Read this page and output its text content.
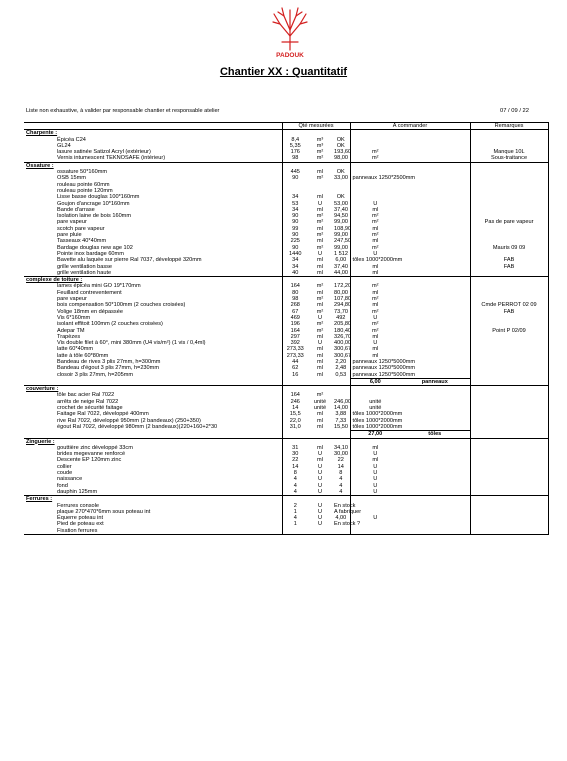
PADOUK
Chantier XX : Quantitatif
Liste non exhaustive, à valider par responsable chantier et responsable atelier	07 / 09 / 22
	Qté mesurées			A commander		Remarques
Charpente :						
Épicéa C24	8,4	m³	OK			
GL24	5,35	m³	OK			
lasure satinée Satizol Acryl (extérieur)	176	m²	193,60	m²		Manque 10L
Vernis intumescent TEKNOSAFE (intérieur)	98	m²	98,00	m²		Sous-traitance
Ossature :						
ossature 50*160mm	445	ml	OK			
OSB 15mm	90	m²	33,00	panneaux 1250*2500mm		
rouleau pointe 60mm						
rouleau pointe 120mm						
Lisse basse douglas 100*160mm	34	ml	OK			
Goujon d'ancrage 10*160mm	53	U	53,00	U		
Bande d'arrase	34	ml	37,40	ml		
Isolation laine de bois 160mm	90	m²	94,50	m²		
pare vapeur	90	m²	99,00	m²		Pas de pare vapeur
scotch pare vapeur	99	ml	108,90	ml		
pare pluie	90	m²	99,00	m²		
Tasseaux 40*40mm	225	ml	247,50	ml		
Bardage douglas new age 102	90	m²	99,00	m²		Mauris 09 09
Pointe inox bardage 60mm	1440	U	1 512	U		
Bavette alu laquée sur pierre Ral 7037, développé 320mm	34	ml	6,00	tôles 1000*2000mm		FAB
grille ventilation basse	34	ml	37,40	ml		FAB
grille ventilation haute	40	ml	44,00	ml		
complexe de toiture :						
lames épicéa mini GO 19*170mm	164	m²	172,20	m²		
Feuillard contreventement	80	ml	80,00	ml		
pare vapeur	98	m²	107,80	m²		
bois compensation 50*100mm (2 couches croisées)	268	ml	294,80	ml		Cmde PERROT 02 09
Volige 18mm en dépassée	67	m²	73,70	m²		FAB
Vis 6*160mm	469	U	492	U		
isolant effitoit 100mm (2 couches croisées)	196	m²	205,80	m²		
Adepar TM	164	m²	180,40	m²		Point P 02/09
Trapèzes	297	ml	326,70	ml		
Vis double filet à 60°, mini 380mm (U4 vis/m²) (1 vis / 0,4ml)	392	U	400,00	U		
latte 60*40mm	273,33	ml	300,67	ml		
latte à tôle 60*80mm	273,33	ml	300,67	ml		
Bandeau de rives 3 plis 27mm, h=300mm	44	ml	2,20	panneaux 1250*5000mm		
Bandeau d'égout 3 plis 27mm, h=230mm	62	ml	2,48	panneaux 1250*5000mm		
closoir 3 plis 27mm, h=205mm	16	ml	0,53	panneaux 1250*5000mm		
				6,00	panneaux	
couverture :						
tôle bac acier Ral 7022	164	m²				
arrêts de neige Ral 7022	246	unité	246,00	unité		
crochet de sécurité faitage	14	unité	14,00	unité		
Faitage Ral 7022, développé 400mm	15,5	ml	3,88	tôles 1000*2000mm		
rive Ral 7022, développé 950mm (2 bandeaux) (250+350)	22,0	ml	7,33	tôles 1000*2000mm		
égout Ral 7022, développé 980mm (2 bandeaux)(220+160+2*30	31,0	ml	15,50	tôles 1000*2000mm		
				27,00	tôles	
Zinguerie :						
gouttière zinc développé 33cm	31	ml	34,10	ml		
brides megevanne renforcé	30	U	30,00	U		
Descente EP 120mm zinc	22	ml	22	ml		
collier	14	U	14	U		
coude	8	U	8	U		
naissance	4	U	4	U		
fond	4	U	4	U		
dauphin 125mm	4	U	4	U		
Ferrures :						
Ferrures console	2	U	En stock			
plaque 270*470*6mm sous poteau int	1	U	A fabriquer			
Équerre poteau int	4	U	4,00	U		
Pied de poteau ext	1	U	En stock ?			
Fixation ferrures						
